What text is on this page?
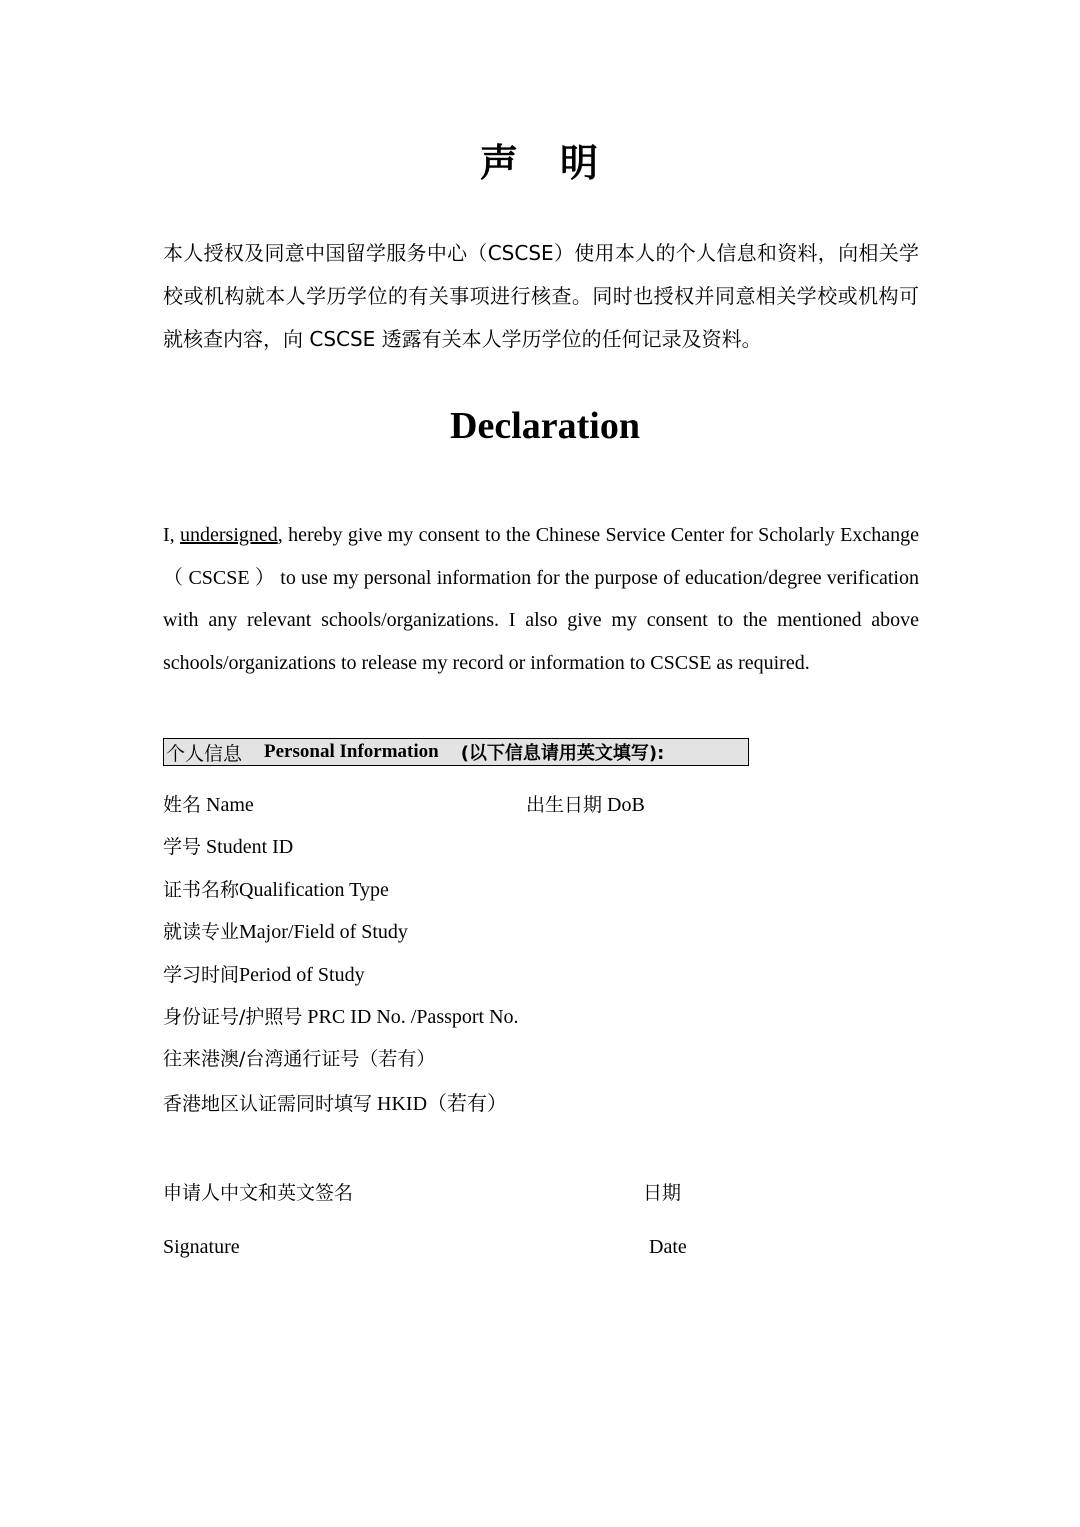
声　明
本人授权及同意中国留学服务中心（CSCSE）使用本人的个人信息和资料，向相关学校或机构就本人学历学位的有关事项进行核查。同时也授权并同意相关学校或机构可就核查内容，向 CSCSE 透露有关本人学历学位的任何记录及资料。
Declaration
I, undersigned, hereby give my consent to the Chinese Service Center for Scholarly Exchange （ CSCSE ） to use my personal information for the purpose of education/degree verification with any relevant schools/organizations. I also give my consent to the mentioned above schools/organizations to release my record or information to CSCSE as required.
个人信息 Personal Information (以下信息请用英文填写):
姓名 Name	出生日期 DoB
学号 Student ID
证书名称Qualification Type
就读专业Major/Field of Study
学习时间Period of Study
身份证号/护照号 PRC ID No. /Passport No.
往来港澳/台湾通行证号（若有）
香港地区认证需同时填写 HKID（若有）
申请人中文和英文签名	日期
Signature	Date
